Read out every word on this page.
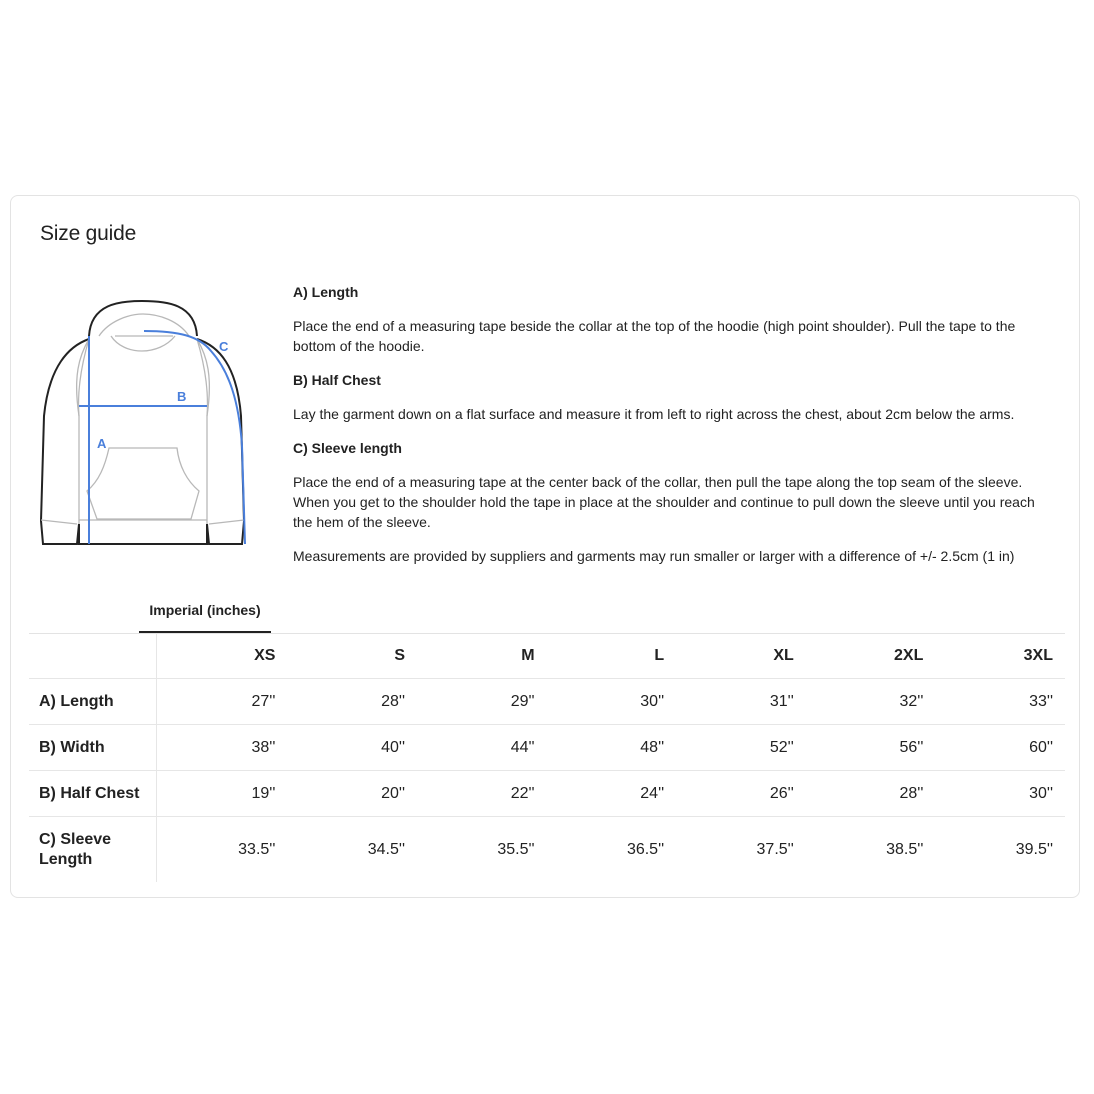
Size guide
A
B
C
A) Length
Place the end of a measuring tape beside the collar at the top of the hoodie (high point shoulder). Pull the tape to the bottom of the hoodie.
B) Half Chest
Lay the garment down on a flat surface and measure it from left to right across the chest, about 2cm below the arms.
C) Sleeve length
Place the end of a measuring tape at the center back of the collar, then pull the tape along the top seam of the sleeve. When you get to the shoulder hold the tape in place at the shoulder and continue to pull down the sleeve until you reach the hem of the sleeve.
Measurements are provided by suppliers and garments may run smaller or larger with a difference of +/- 2.5cm (1 in)
Imperial (inches)
	XS	S	M	L	XL	2XL	3XL
A) Length	27''	28''	29''	30''	31''	32''	33''
B) Width	38''	40''	44''	48''	52''	56''	60''
B) Half Chest	19''	20''	22''	24''	26''	28''	30''
C) Sleeve Length	33.5''	34.5''	35.5''	36.5''	37.5''	38.5''	39.5''
